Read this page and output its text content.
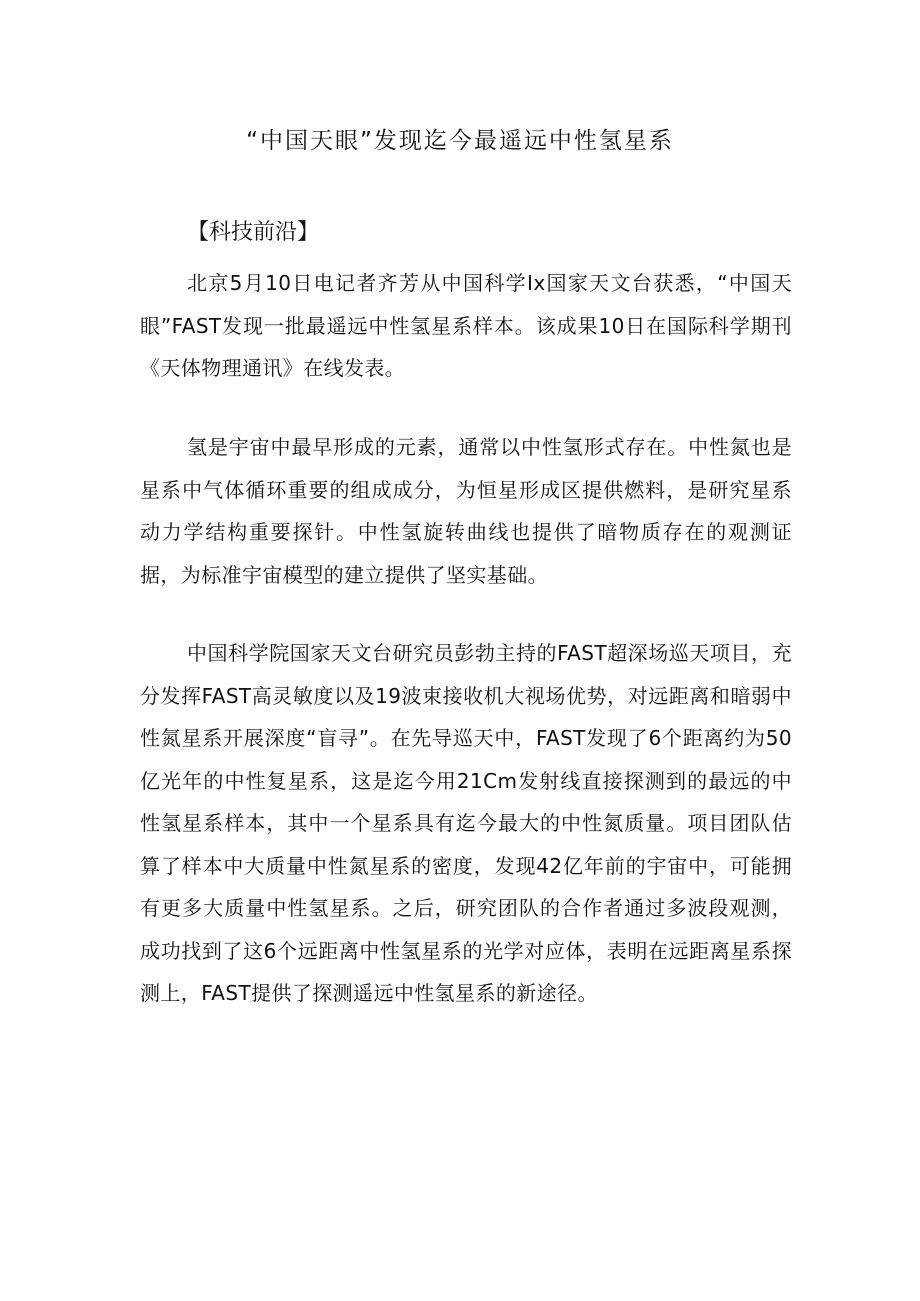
“中国天眼”发现迄今最遥远中性氢星系
【科技前沿】

北京5月10日电记者齐芳从中国科学Ix国家天文台获悉，“中国天眼”FAST发现一批最遥远中性氢星系样本。该成果10日在国际科学期刊《天体物理通讯》在线发表。

氢是宇宙中最早形成的元素，通常以中性氢形式存在。中性氮也是星系中气体循环重要的组成成分，为恒星形成区提供燃料，是研究星系动力学结构重要探针。中性氢旋转曲线也提供了暗物质存在的观测证据，为标准宇宙模型的建立提供了坚实基础。

中国科学院国家天文台研究员彭勃主持的FAST超深场巡天项目，充分发挥FAST高灵敏度以及19波束接收机大视场优势，对远距离和暗弱中性氮星系开展深度“盲寻”。在先导巡天中，FAST发现了6个距离约为50亿光年的中性复星系，这是迄今用21Cm发射线直接探测到的最远的中性氢星系样本，其中一个星系具有迄今最大的中性氮质量。项目团队估算了样本中大质量中性氮星系的密度，发现42亿年前的宇宙中，可能拥有更多大质量中性氢星系。之后，研究团队的合作者通过多波段观测，成功找到了这6个远距离中性氢星系的光学对应体，表明在远距离星系探测上，FAST提供了探测遥远中性氢星系的新途径。
